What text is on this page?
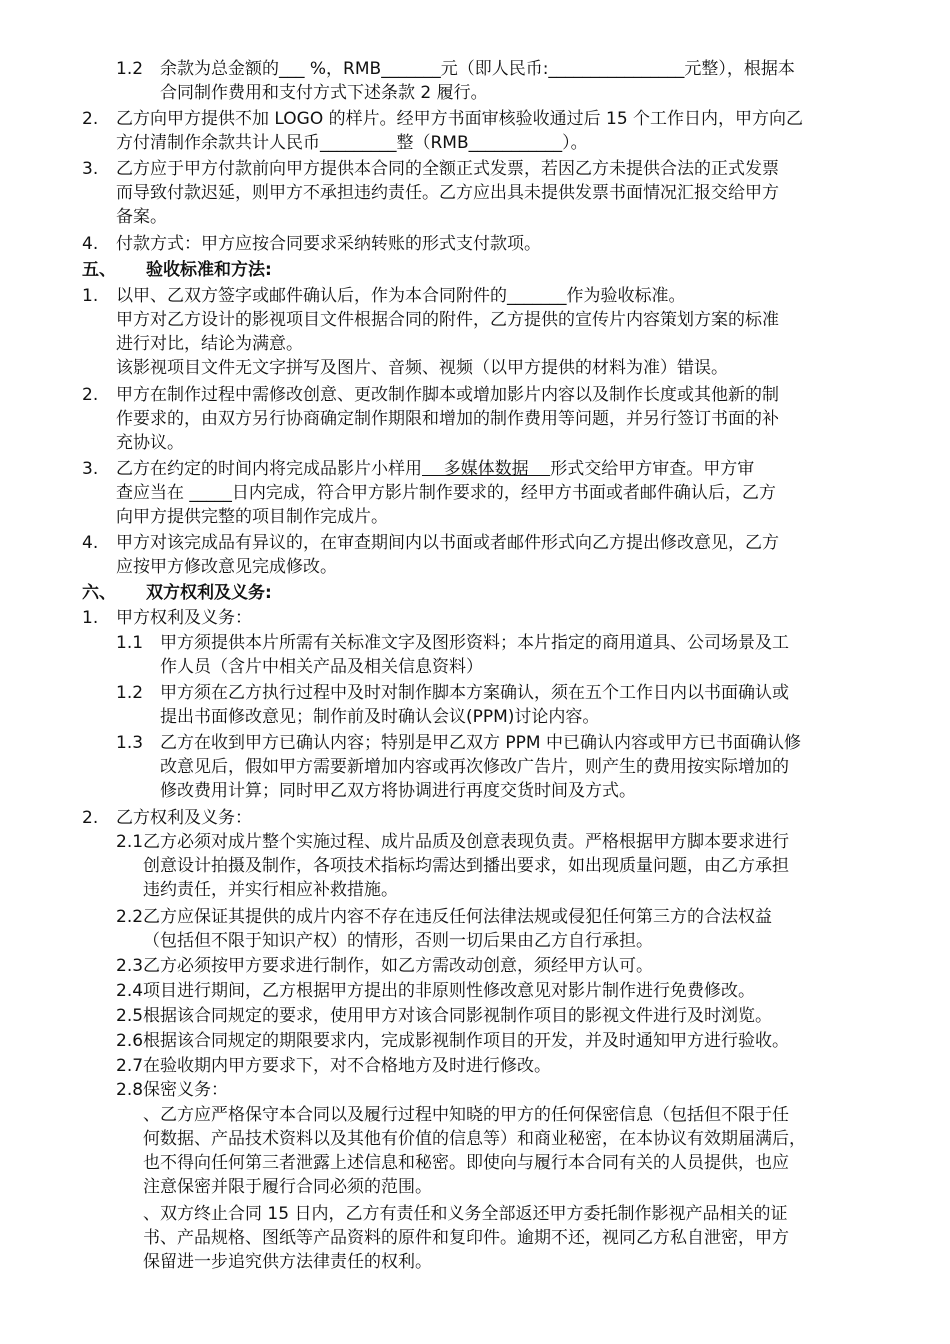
1.2 余款为总金额的___ %，RMB_______元（即人民币:________________元整），根据本
合同制作费用和支付方式下述条款 2 履行。
2. 乙方向甲方提供不加 LOGO 的样片。经甲方书面审核验收通过后 15 个工作日内，甲方向乙
方付清制作余款共计人民币_________整（RMB___________）。
3. 乙方应于甲方付款前向甲方提供本合同的全额正式发票，若因乙方未提供合法的正式发票
而导致付款迟延，则甲方不承担违约责任。乙方应出具未提供发票书面情况汇报交给甲方
备案。
4. 付款方式：甲方应按合同要求采纳转账的形式支付款项。
五、 验收标准和方法:
1. 以甲、乙双方签字或邮件确认后，作为本合同附件的_______作为验收标准。
甲方对乙方设计的影视项目文件根据合同的附件，乙方提供的宣传片内容策划方案的标准
进行对比，结论为满意。
该影视项目文件无文字拼写及图片、音频、视频（以甲方提供的材料为准）错误。
2. 甲方在制作过程中需修改创意、更改制作脚本或增加影片内容以及制作长度或其他新的制
作要求的，由双方另行协商确定制作期限和增加的制作费用等问题，并另行签订书面的补
充协议。
3. 乙方在约定的时间内将完成品影片小样用    多媒体数据    形式交给甲方审查。甲方审
查应当在 _____日内完成，符合甲方影片制作要求的，经甲方书面或者邮件确认后，乙方
向甲方提供完整的项目制作完成片。
4. 甲方对该完成品有异议的，在审查期间内以书面或者邮件形式向乙方提出修改意见，乙方
应按甲方修改意见完成修改。
六、 双方权利及义务:
1. 甲方权利及义务：
1.1 甲方须提供本片所需有关标准文字及图形资料；本片指定的商用道具、公司场景及工
作人员（含片中相关产品及相关信息资料）
1.2 甲方须在乙方执行过程中及时对制作脚本方案确认，须在五个工作日内以书面确认或
提出书面修改意见；制作前及时确认会议(PPM)讨论内容。
1.3 乙方在收到甲方已确认内容；特别是甲乙双方 PPM 中已确认内容或甲方已书面确认修
改意见后，假如甲方需要新增加内容或再次修改广告片，则产生的费用按实际增加的
修改费用计算；同时甲乙双方将协调进行再度交货时间及方式。
2. 乙方权利及义务：
2.1 乙方必须对成片整个实施过程、成片品质及创意表现负责。严格根据甲方脚本要求进行
创意设计拍摄及制作，各项技术指标均需达到播出要求，如出现质量问题，由乙方承担
违约责任，并实行相应补救措施。
2.2 乙方应保证其提供的成片内容不存在违反任何法律法规或侵犯任何第三方的合法权益
（包括但不限于知识产权）的情形，否则一切后果由乙方自行承担。
2.3 乙方必须按甲方要求进行制作，如乙方需改动创意，须经甲方认可。
2.4 项目进行期间，乙方根据甲方提出的非原则性修改意见对影片制作进行免费修改。
2.5 根据该合同规定的要求，使用甲方对该合同影视制作项目的影视文件进行及时浏览。
2.6 根据该合同规定的期限要求内，完成影视制作项目的开发，并及时通知甲方进行验收。
2.7 在验收期内甲方要求下，对不合格地方及时进行修改。
2.8 保密义务：
、乙方应严格保守本合同以及履行过程中知晓的甲方的任何保密信息（包括但不限于任
何数据、产品技术资料以及其他有价值的信息等）和商业秘密，在本协议有效期届满后，
也不得向任何第三者泄露上述信息和秘密。即使向与履行本合同有关的人员提供，也应
注意保密并限于履行合同必须的范围。
、双方终止合同 15 日内，乙方有责任和义务全部返还甲方委托制作影视产品相关的证
书、产品规格、图纸等产品资料的原件和复印件。逾期不还，视同乙方私自泄密，甲方
保留进一步追究供方法律责任的权利。
